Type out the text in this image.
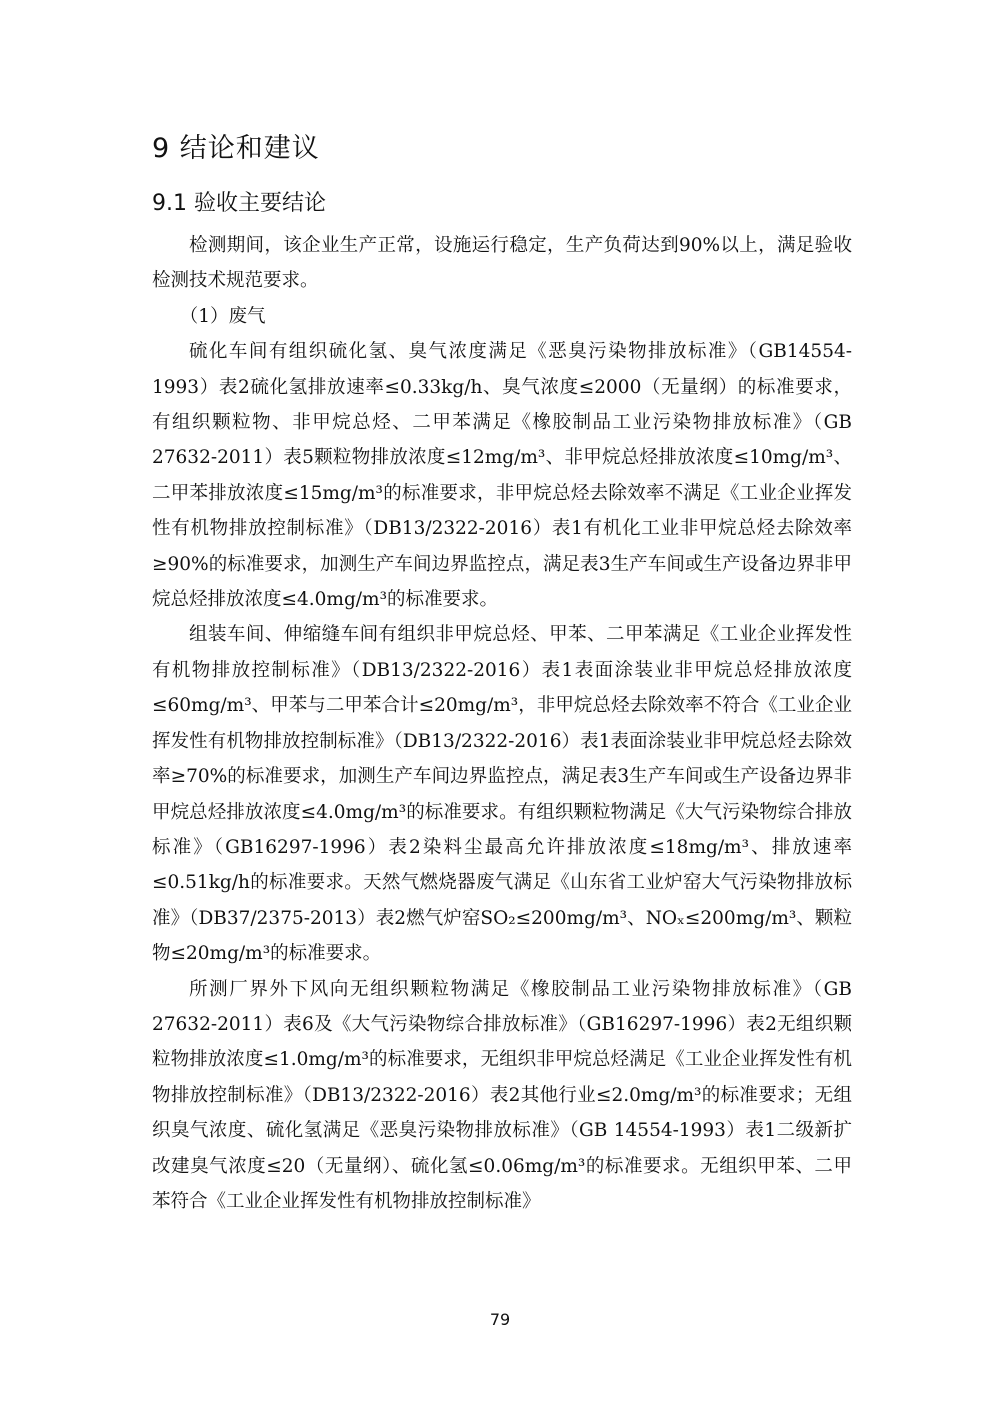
9 结论和建议
9.1 验收主要结论

检测期间，该企业生产正常，设施运行稳定，生产负荷达到90%以上，满足验收检测技术规范要求。

（1）废气

硫化车间有组织硫化氢、臭气浓度满足《恶臭污染物排放标准》（GB14554-1993）表2硫化氢排放速率≤0.33kg/h、臭气浓度≤2000（无量纲）的标准要求，有组织颗粒物、非甲烷总烃、二甲苯满足《橡胶制品工业污染物排放标准》（GB 27632-2011）表5颗粒物排放浓度≤12mg/m³、非甲烷总烃排放浓度≤10mg/m³、二甲苯排放浓度≤15mg/m³的标准要求，非甲烷总烃去除效率不满足《工业企业挥发性有机物排放控制标准》（DB13/2322-2016）表1有机化工业非甲烷总烃去除效率≥90%的标准要求，加测生产车间边界监控点，满足表3生产车间或生产设备边界非甲烷总烃排放浓度≤4.0mg/m³的标准要求。

组装车间、伸缩缝车间有组织非甲烷总烃、甲苯、二甲苯满足《工业企业挥发性有机物排放控制标准》（DB13/2322-2016）表1表面涂装业非甲烷总烃排放浓度≤60mg/m³、甲苯与二甲苯合计≤20mg/m³，非甲烷总烃去除效率不符合《工业企业挥发性有机物排放控制标准》（DB13/2322-2016）表1表面涂装业非甲烷总烃去除效率≥70%的标准要求，加测生产车间边界监控点，满足表3生产车间或生产设备边界非甲烷总烃排放浓度≤4.0mg/m³的标准要求。有组织颗粒物满足《大气污染物综合排放标准》（GB16297-1996）表2染料尘最高允许排放浓度≤18mg/m³、排放速率≤0.51kg/h的标准要求。天然气燃烧器废气满足《山东省工业炉窑大气污染物排放标准》（DB37/2375-2013）表2燃气炉窑SO₂≤200mg/m³、NOₓ≤200mg/m³、颗粒物≤20mg/m³的标准要求。

所测厂界外下风向无组织颗粒物满足《橡胶制品工业污染物排放标准》（GB 27632-2011）表6及《大气污染物综合排放标准》（GB16297-1996）表2无组织颗粒物排放浓度≤1.0mg/m³的标准要求，无组织非甲烷总烃满足《工业企业挥发性有机物排放控制标准》（DB13/2322-2016）表2其他行业≤2.0mg/m³的标准要求；无组织臭气浓度、硫化氢满足《恶臭污染物排放标准》（GB 14554-1993）表1二级新扩改建臭气浓度≤20（无量纲）、硫化氢≤0.06mg/m³的标准要求。无组织甲苯、二甲苯符合《工业企业挥发性有机物排放控制标准》

79
